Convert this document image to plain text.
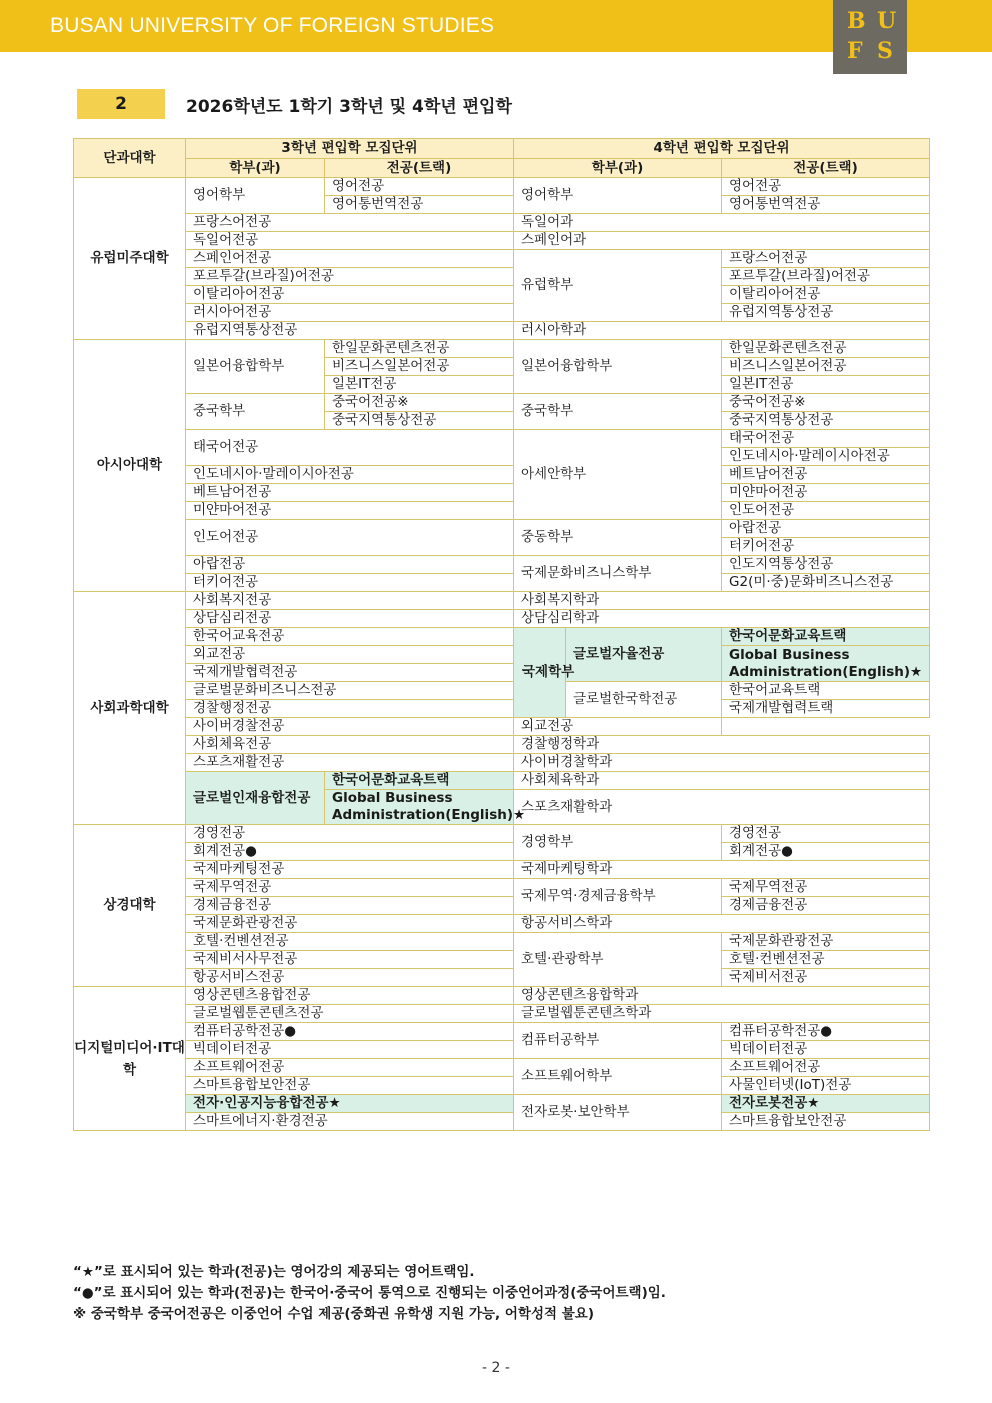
BUSAN UNIVERSITY OF FOREIGN STUDIES	B U
F S
2	2026학년도 1학기 3학년 및 4학년 편입학
단과대학	3학년 편입학 모집단위		4학년 편입학 모집단위		
	학부(과)	전공(트랙)	학부(과)		전공(트랙)
유럽미주대학	영어학부	영어전공	영어학부		영어전공
		영어통번역전공			영어통번역전공
	프랑스어전공		독일어과		
	독일어전공		스페인어과		
	스페인어전공		유럽학부		프랑스어전공
	포르투갈(브라질)어전공				포르투갈(브라질)어전공
	이탈리아어전공				이탈리아어전공
	러시아어전공				유럽지역통상전공
	유럽지역통상전공		러시아학과		
아시아대학	일본어융합학부	한일문화콘텐츠전공	일본어융합학부		한일문화콘텐츠전공
		비즈니스일본어전공			비즈니스일본어전공
		일본IT전공			일본IT전공
	중국학부	중국어전공※	중국학부		중국어전공※
		중국지역통상전공			중국지역통상전공
	태국어전공		아세안학부		태국어전공
					인도네시아·말레이시아전공
	인도네시아·말레이시아전공				베트남어전공
	베트남어전공				미얀마어전공
	미얀마어전공				인도어전공
	인도어전공		중동학부		아랍전공
					터키어전공
	아랍전공		국제문화비즈니스학부		인도지역통상전공
	터키어전공				G2(미·중)문화비즈니스전공
사회과학대학	사회복지전공		사회복지학과		
	상담심리전공		상담심리학과		
	한국어교육전공		국제학부	글로벌자율전공	한국어문화교육트랙
	외교전공				Global Business Administration(English)★
	국제개발협력전공				
	글로벌문화비즈니스전공			글로벌한국학전공	한국어교육트랙
	경찰행정전공				국제개발협력트랙
	사이버경찰전공		외교전공		
	사회체육전공		경찰행정학과		
	스포츠재활전공		사이버경찰학과		
	글로벌인재융합전공	한국어문화교육트랙	사회체육학과		
		Global Business Administration(English)★			
			스포츠재활학과		

상경대학	경영전공		경영학부		경영전공
	회계전공●				회계전공●
	국제마케팅전공		국제마케팅학과		
	국제무역전공		국제무역·경제금융학부		국제무역전공
	경제금융전공				경제금융전공
	국제문화관광전공		항공서비스학과		
	호텔·컨벤션전공		호텔·관광학부		국제문화관광전공
	국제비서사무전공				호텔·컨벤션전공
	항공서비스전공				국제비서전공
디지털미디어·IT대학	영상콘텐츠융합전공		영상콘텐츠융합학과		
	글로벌웹툰콘텐츠전공		글로벌웹툰콘텐츠학과		
	컴퓨터공학전공●		컴퓨터공학부		컴퓨터공학전공●
	빅데이터전공				빅데이터전공
	소프트웨어전공		소프트웨어학부		소프트웨어전공
	스마트융합보안전공				사물인터넷(IoT)전공
	전자·인공지능융합전공★		전자로봇·보안학부		전자로봇전공★
	스마트에너지·환경전공				스마트융합보안전공
“★”로 표시되어 있는 학과(전공)는 영어강의 제공되는 영어트랙임.
“●”로 표시되어 있는 학과(전공)는 한국어·중국어 통역으로 진행되는 이중언어과정(중국어트랙)임.
※ 중국학부 중국어전공은 이중언어 수업 제공(중화권 유학생 지원 가능, 어학성적 불요)
- 2 -
